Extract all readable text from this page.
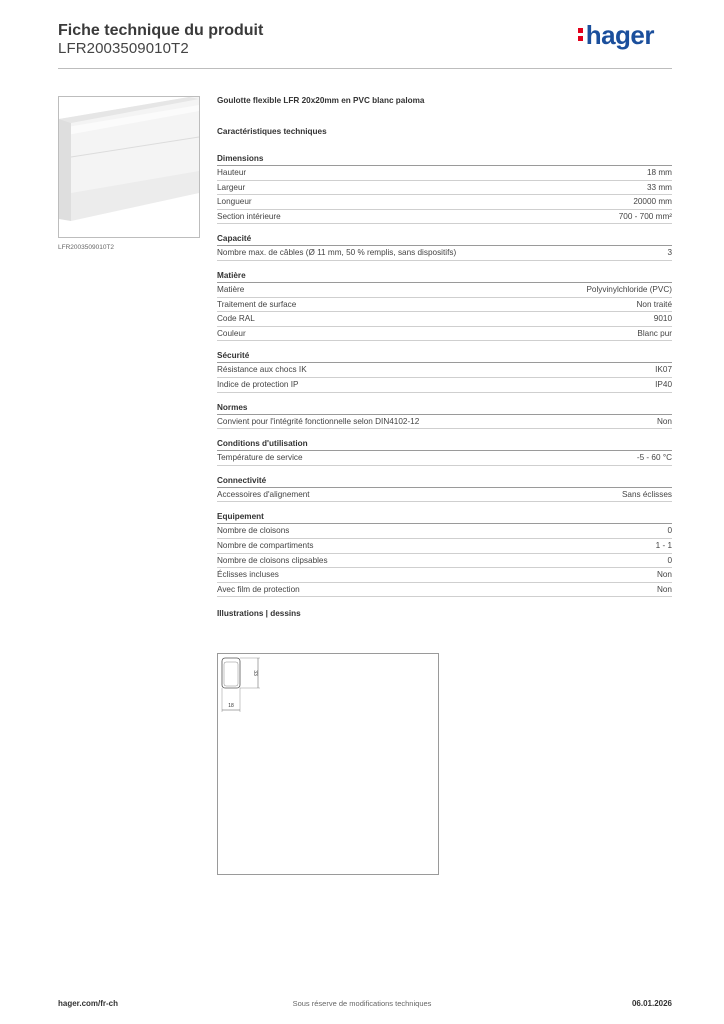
Fiche technique du produit
LFR2003509010T2	hager
LFR2003509010T2
Goulotte flexible LFR 20x20mm en PVC blanc paloma
Caractéristiques techniques
Dimensions
Hauteur	18 mm
Largeur	33 mm
Longueur	20000 mm
Section intérieure	700 - 700 mm²
Capacité
Nombre max. de câbles (Ø 11 mm, 50 % remplis, sans dispositifs)	3
Matière
Matière	Polyvinylchloride (PVC)
Traitement de surface	Non traité
Code RAL	9010
Couleur	Blanc pur
Sécurité
Résistance aux chocs IK	IK07
Indice de protection IP	IP40
Normes
Convient pour l'intégrité fonctionnelle selon DIN4102-12	Non
Conditions d'utilisation
Température de service	-5 - 60 °C
Connectivité
Accessoires d'alignement	Sans éclisses
Equipement
Nombre de cloisons	0
Nombre de compartiments	1 - 1
Nombre de cloisons clipsables	0
Éclisses incluses	Non
Avec film de protection	Non
Illustrations | dessins
33
18
hager.com/fr-ch	Sous réserve de modifications techniques	06.01.2026
